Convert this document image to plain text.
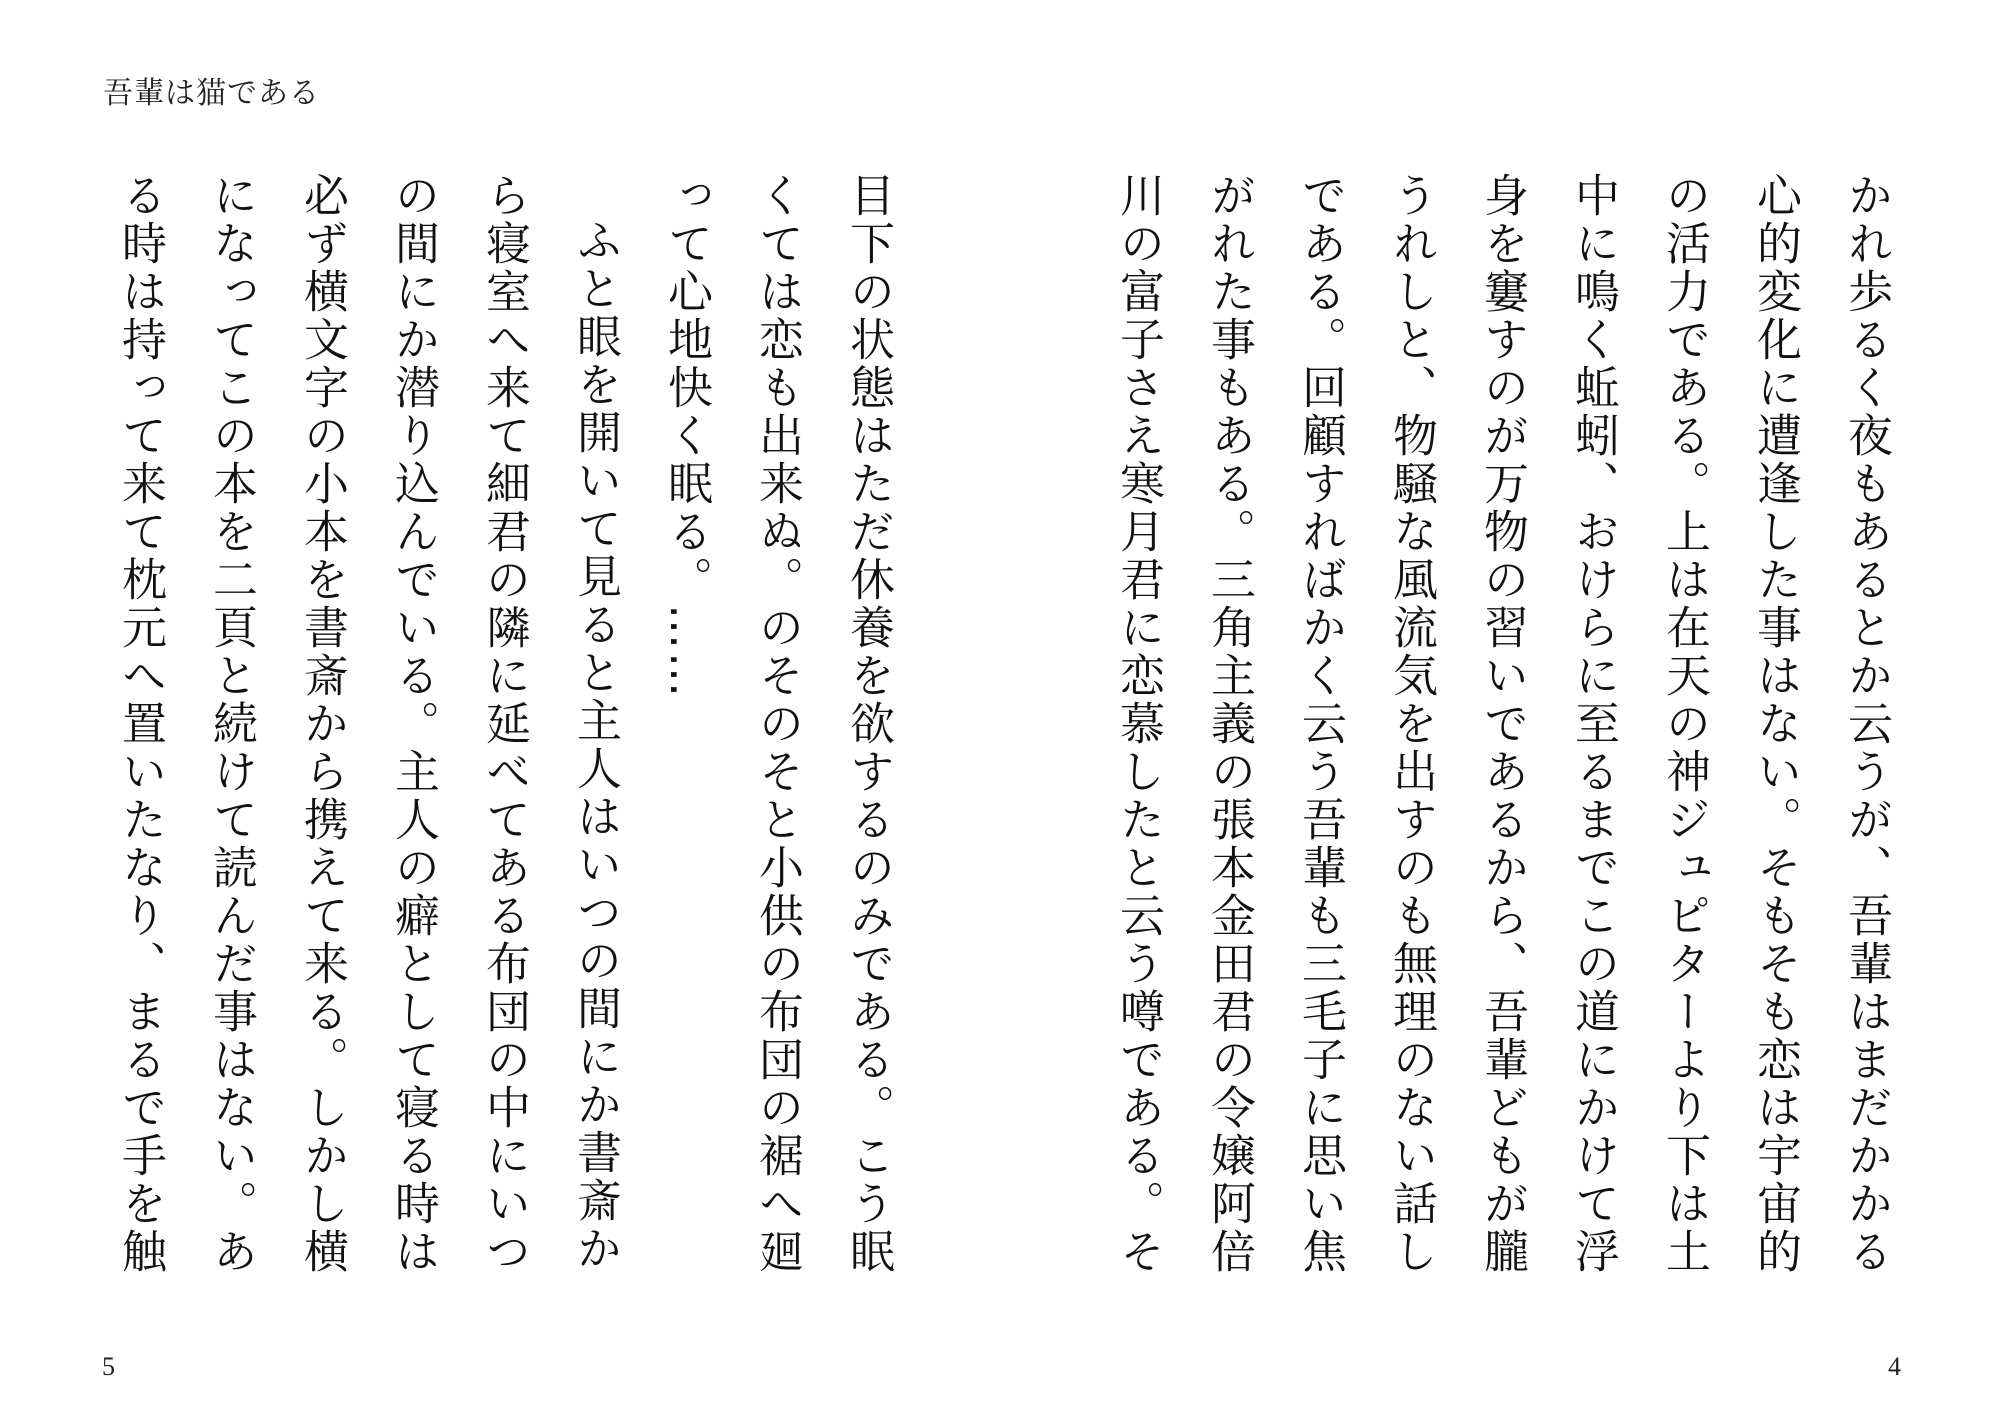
吾輩は猫である

目下の状態はただ休養を欲するのみである。こう眠くては恋も出来ぬ。のそのそと小供の布団の裾へ廻って心地快く眠る。……

ふと眼を開いて見ると主人はいつの間にか書斎から寝室へ来て細君の隣に延べてある布団の中にいつの間にか潜り込んでいる。主人の癖として寝る時は必ず横文字の小本を書斎から携えて来る。しかし横になってこの本を二頁と続けて読んだ事はない。ある時は持って来て枕元へ置いたなり、まるで手を触

かれ歩るく夜もあるとか云うが、吾輩はまだかかる心的変化に遭逢した事はない。そもそも恋は宇宙的の活力である。上は在天の神ジュピターより下は土中に鳴く蚯蚓、おけらに至るまでこの道にかけて浮身を窶すのが万物の習いであるから、吾輩どもが朧うれしと、物騒な風流気を出すのも無理のない話しである。回顧すればかく云う吾輩も三毛子に思い焦がれた事もある。三角主義の張本金田君の令嬢阿倍川の富子さえ寒月君に恋慕したと云う噂である。そ

5	4
